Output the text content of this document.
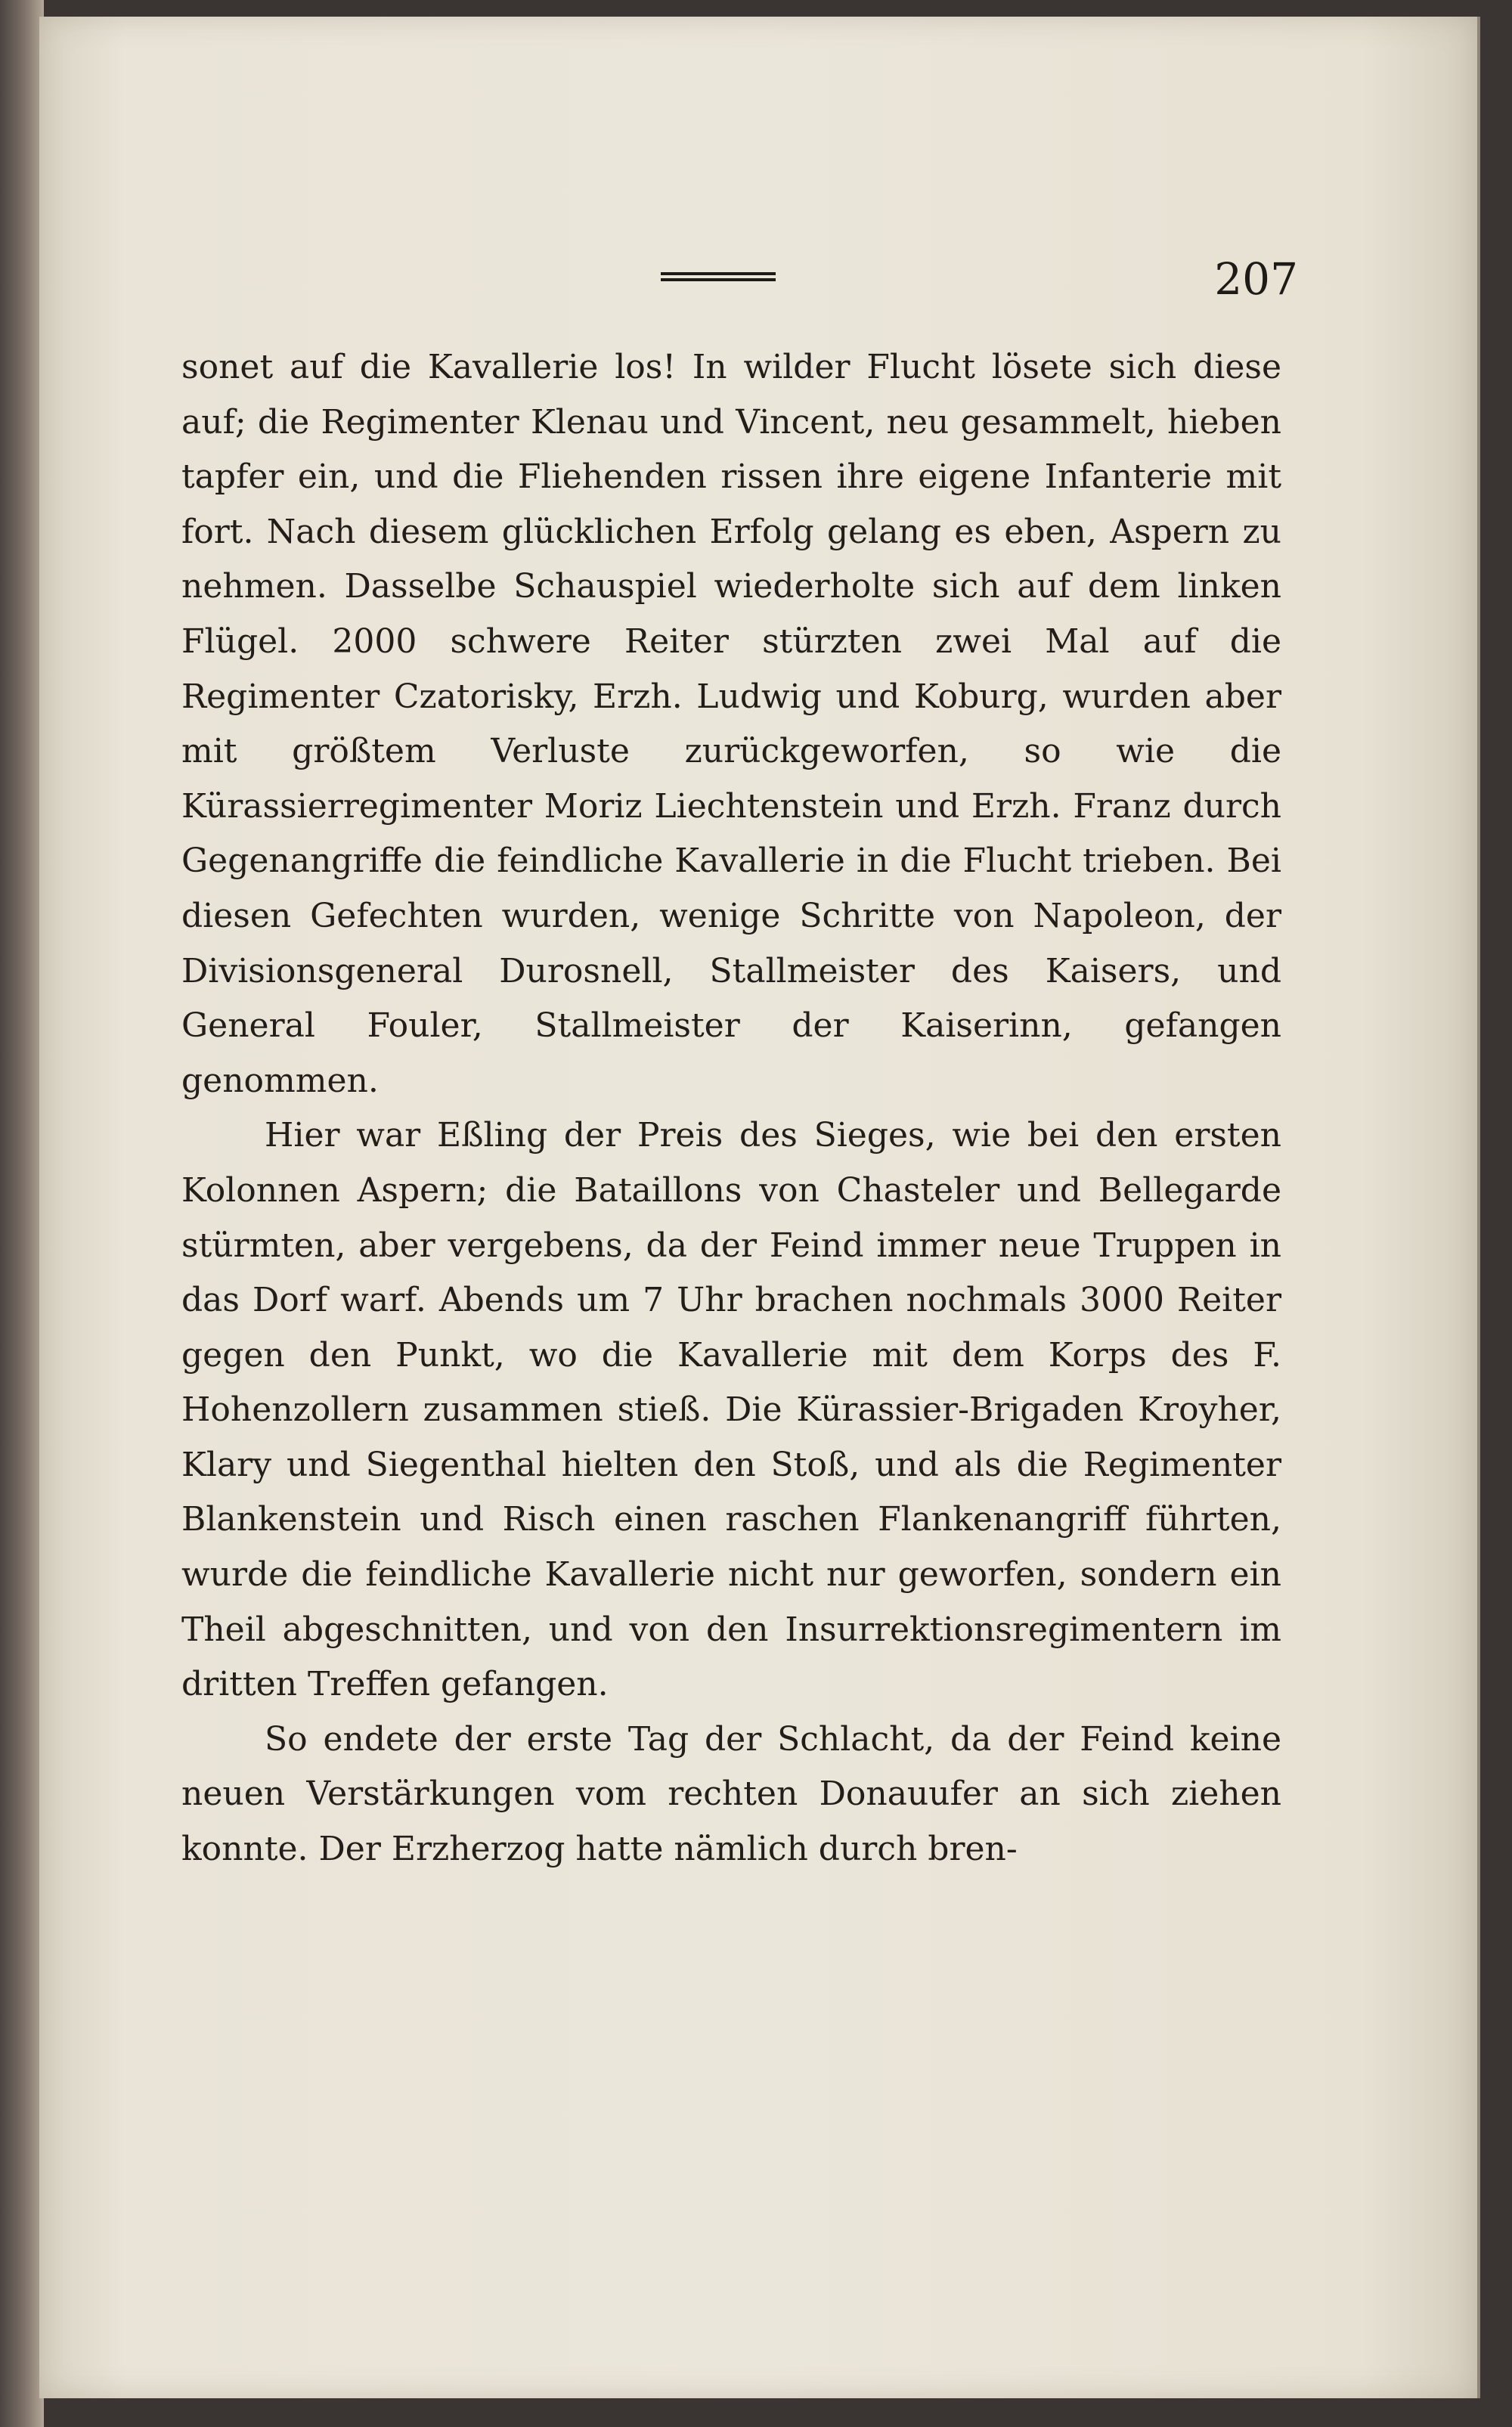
207

sonet auf die Kavallerie los! In wilder Flucht lösete sich diese auf; die Regimenter Klenau und Vincent, neu gesammelt, hieben tapfer ein, und die Fliehenden rissen ihre eigene Infanterie mit fort. Nach diesem glücklichen Erfolg gelang es eben, Aspern zu nehmen. Dasselbe Schauspiel wiederholte sich auf dem linken Flügel. 2000 schwere Reiter stürzten zwei Mal auf die Regimenter Czatorisky, Erzh. Ludwig und Koburg, wurden aber mit größtem Verluste zurückgeworfen, so wie die Kürassierregimenter Moriz Liechtenstein und Erzh. Franz durch Gegenangriffe die feindliche Kavallerie in die Flucht trieben. Bei diesen Gefechten wurden, wenige Schritte von Napoleon, der Divisionsgeneral Durosnell, Stallmeister des Kaisers, und General Fouler, Stallmeister der Kaiserinn, gefangen genommen.

Hier war Eßling der Preis des Sieges, wie bei den ersten Kolonnen Aspern; die Bataillons von Chasteler und Bellegarde stürmten, aber vergebens, da der Feind immer neue Truppen in das Dorf warf. Abends um 7 Uhr brachen nochmals 3000 Reiter gegen den Punkt, wo die Kavallerie mit dem Korps des F. Hohenzollern zusammen stieß. Die Kürassier-Brigaden Kroyher, Klary und Siegenthal hielten den Stoß, und als die Regimenter Blankenstein und Risch einen raschen Flankenangriff führten, wurde die feindliche Kavallerie nicht nur geworfen, sondern ein Theil abgeschnitten, und von den Insurrektionsregimentern im dritten Treffen gefangen.

So endete der erste Tag der Schlacht, da der Feind keine neuen Verstärkungen vom rechten Donauufer an sich ziehen konnte. Der Erzherzog hatte nämlich durch bren-
